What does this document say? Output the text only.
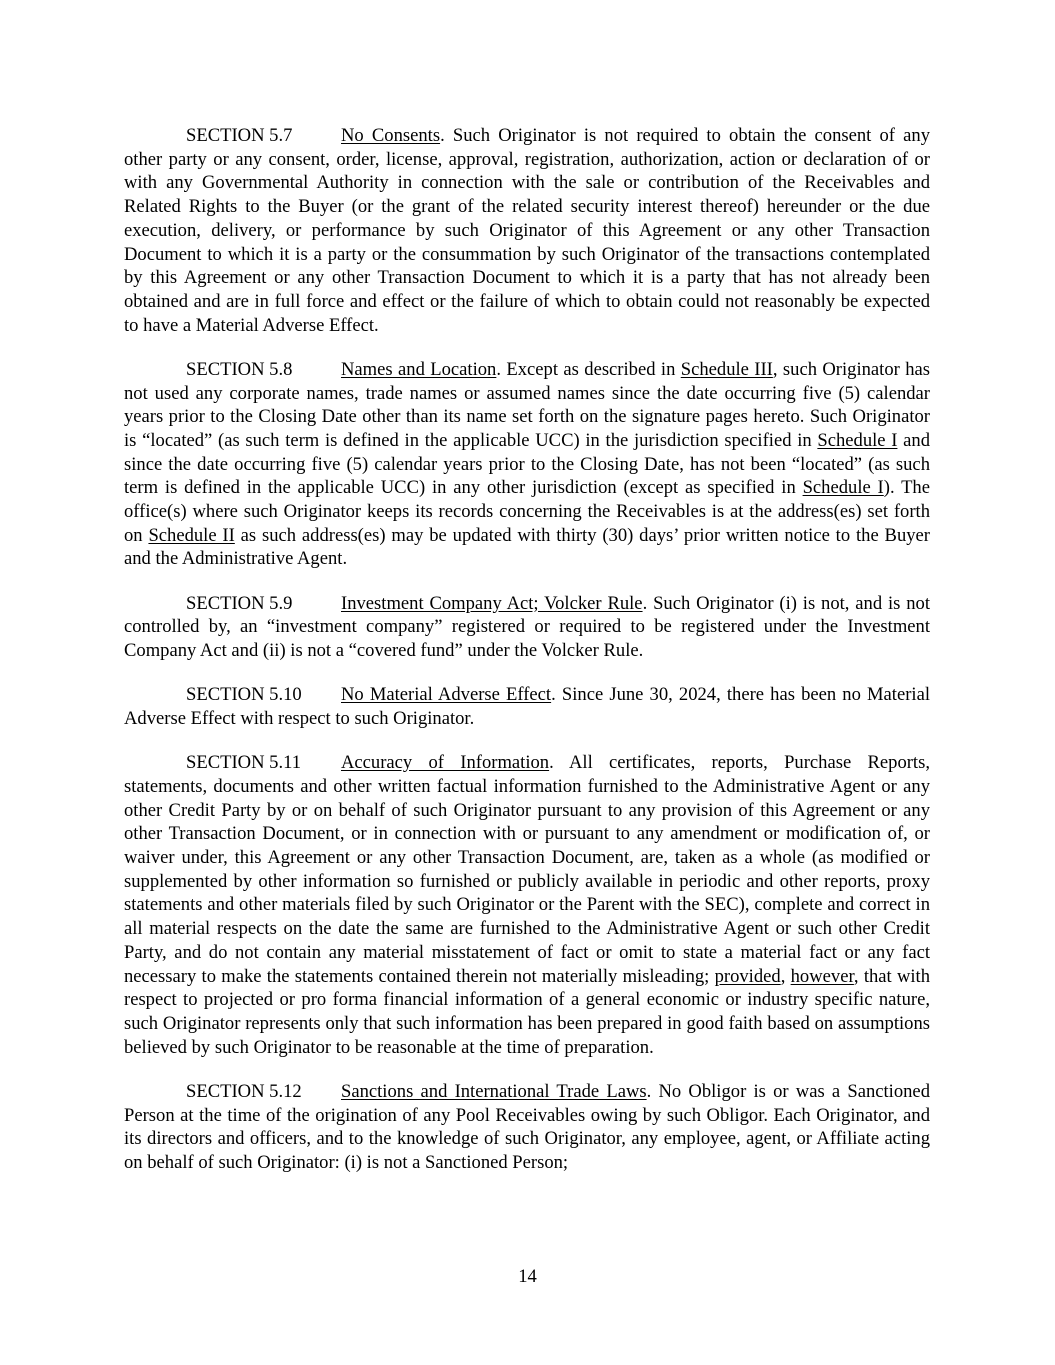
SECTION 5.7	No Consents. Such Originator is not required to obtain the consent of any other party or any consent, order, license, approval, registration, authorization, action or declaration of or with any Governmental Authority in connection with the sale or contribution of the Receivables and Related Rights to the Buyer (or the grant of the related security interest thereof) hereunder or the due execution, delivery, or performance by such Originator of this Agreement or any other Transaction Document to which it is a party or the consummation by such Originator of the transactions contemplated by this Agreement or any other Transaction Document to which it is a party that has not already been obtained and are in full force and effect or the failure of which to obtain could not reasonably be expected to have a Material Adverse Effect.

SECTION 5.8	Names and Location. Except as described in Schedule III, such Originator has not used any corporate names, trade names or assumed names since the date occurring five (5) calendar years prior to the Closing Date other than its name set forth on the signature pages hereto. Such Originator is “located” (as such term is defined in the applicable UCC) in the jurisdiction specified in Schedule I and since the date occurring five (5) calendar years prior to the Closing Date, has not been “located” (as such term is defined in the applicable UCC) in any other jurisdiction (except as specified in Schedule I). The office(s) where such Originator keeps its records concerning the Receivables is at the address(es) set forth on Schedule II as such address(es) may be updated with thirty (30) days’ prior written notice to the Buyer and the Administrative Agent.

SECTION 5.9	Investment Company Act; Volcker Rule. Such Originator (i) is not, and is not controlled by, an “investment company” registered or required to be registered under the Investment Company Act and (ii) is not a “covered fund” under the Volcker Rule.

SECTION 5.10 No Material Adverse Effect. Since June 30, 2024, there has been no Material Adverse Effect with respect to such Originator.

SECTION 5.11 Accuracy of Information. All certificates, reports, Purchase Reports, statements, documents and other written factual information furnished to the Administrative Agent or any other Credit Party by or on behalf of such Originator pursuant to any provision of this Agreement or any other Transaction Document, or in connection with or pursuant to any amendment or modification of, or waiver under, this Agreement or any other Transaction Document, are, taken as a whole (as modified or supplemented by other information so furnished or publicly available in periodic and other reports, proxy statements and other materials filed by such Originator or the Parent with the SEC), complete and correct in all material respects on the date the same are furnished to the Administrative Agent or such other Credit Party, and do not contain any material misstatement of fact or omit to state a material fact or any fact necessary to make the statements contained therein not materially misleading; provided, however, that with respect to projected or pro forma financial information of a general economic or industry specific nature, such Originator represents only that such information has been prepared in good faith based on assumptions believed by such Originator to be reasonable at the time of preparation.

SECTION 5.12 Sanctions and International Trade Laws. No Obligor is or was a Sanctioned Person at the time of the origination of any Pool Receivables owing by such Obligor. Each Originator, and its directors and officers, and to the knowledge of such Originator, any employee, agent, or Affiliate acting on behalf of such Originator: (i) is not a Sanctioned Person;

14
